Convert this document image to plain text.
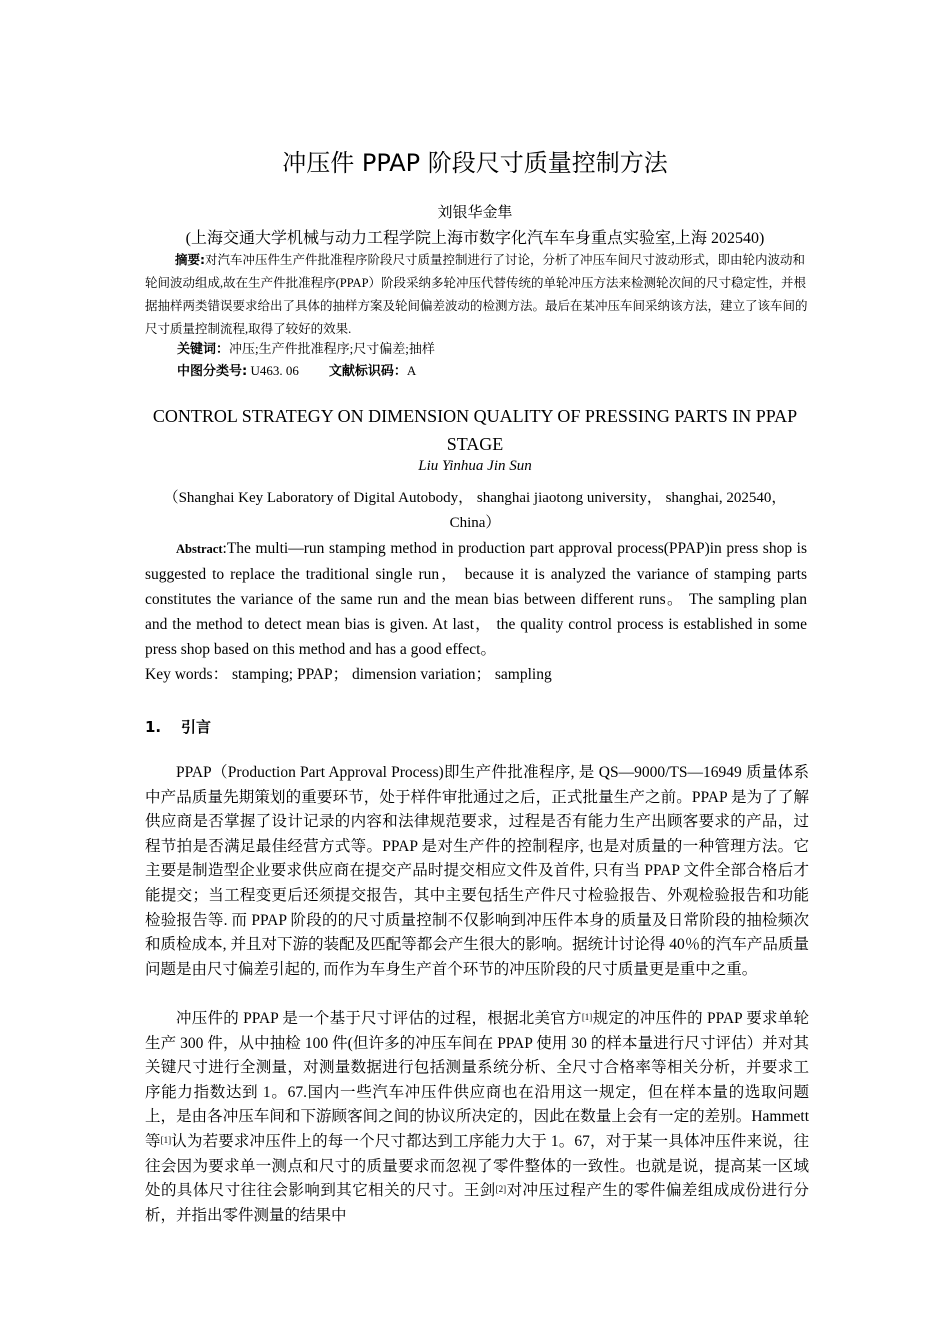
冲压件 PPAP 阶段尺寸质量控制方法
刘银华金隼
(上海交通大学机械与动力工程学院上海市数字化汽车车身重点实验室,上海 202540)
摘要:对汽车冲压件生产件批准程序阶段尺寸质量控制进行了讨论，分析了冲压车间尺寸波动形式，即由轮内波动和轮间波动组成,故在生产件批准程序(PPAP）阶段采纳多轮冲压代替传统的单轮冲压方法来检测轮次间的尺寸稳定性，并根据抽样两类错误要求给出了具体的抽样方案及轮间偏差波动的检测方法。最后在某冲压车间采纳该方法，建立了该车间的尺寸质量控制流程,取得了较好的效果.
关键词：冲压;生产件批准程序;尺寸偏差;抽样
中图分类号: U463. 06 文献标识码：A
CONTROL STRATEGY ON DIMENSION QUALITY OF PRESSING PARTS IN PPAP STAGE
Liu Yinhua Jin Sun
（Shanghai Key Laboratory of Digital Autobody， shanghai jiaotong university， shanghai, 202540，China）
Abstract:The multi—run stamping method in production part approval process(PPAP)in press shop is suggested to replace the traditional single run， because it is analyzed the variance of stamping parts constitutes the variance of the same run and the mean bias between different runs。 The sampling plan and the method to detect mean bias is given. At last， the quality control process is established in some press shop based on this method and has a good effect。
Key words： stamping; PPAP； dimension variation； sampling
1. 引言
PPAP（Production Part Approval Process)即生产件批准程序, 是 QS—9000/TS—16949 质量体系中产品质量先期策划的重要环节，处于样件审批通过之后，正式批量生产之前。PPAP 是为了了解供应商是否掌握了设计记录的内容和法律规范要求，过程是否有能力生产出顾客要求的产品，过程节拍是否满足最佳经营方式等。PPAP 是对生产件的控制程序, 也是对质量的一种管理方法。它主要是制造型企业要求供应商在提交产品时提交相应文件及首件, 只有当 PPAP 文件全部合格后才能提交；当工程变更后还须提交报告，其中主要包括生产件尺寸检验报告、外观检验报告和功能检验报告等. 而 PPAP 阶段的的尺寸质量控制不仅影响到冲压件本身的质量及日常阶段的抽检频次和质检成本, 并且对下游的装配及匹配等都会产生很大的影响。据统计讨论得 40％的汽车产品质量问题是由尺寸偏差引起的, 而作为车身生产首个环节的冲压阶段的尺寸质量更是重中之重。
冲压件的 PPAP 是一个基于尺寸评估的过程，根据北美官方[1]规定的冲压件的 PPAP 要求单轮生产 300 件，从中抽检 100 件(但许多的冲压车间在 PPAP 使用 30 的样本量进行尺寸评估）并对其关键尺寸进行全测量，对测量数据进行包括测量系统分析、全尺寸合格率等相关分析，并要求工序能力指数达到 1。67.国内一些汽车冲压件供应商也在沿用这一规定，但在样本量的选取问题上，是由各冲压车间和下游顾客间之间的协议所决定的，因此在数量上会有一定的差别。Hammett 等[1]认为若要求冲压件上的每一个尺寸都达到工序能力大于 1。67，对于某一具体冲压件来说，往往会因为要求单一测点和尺寸的质量要求而忽视了零件整体的一致性。也就是说，提高某一区域处的具体尺寸往往会影响到其它相关的尺寸。王剑[2]对冲压过程产生的零件偏差组成成份进行分析，并指出零件测量的结果中
